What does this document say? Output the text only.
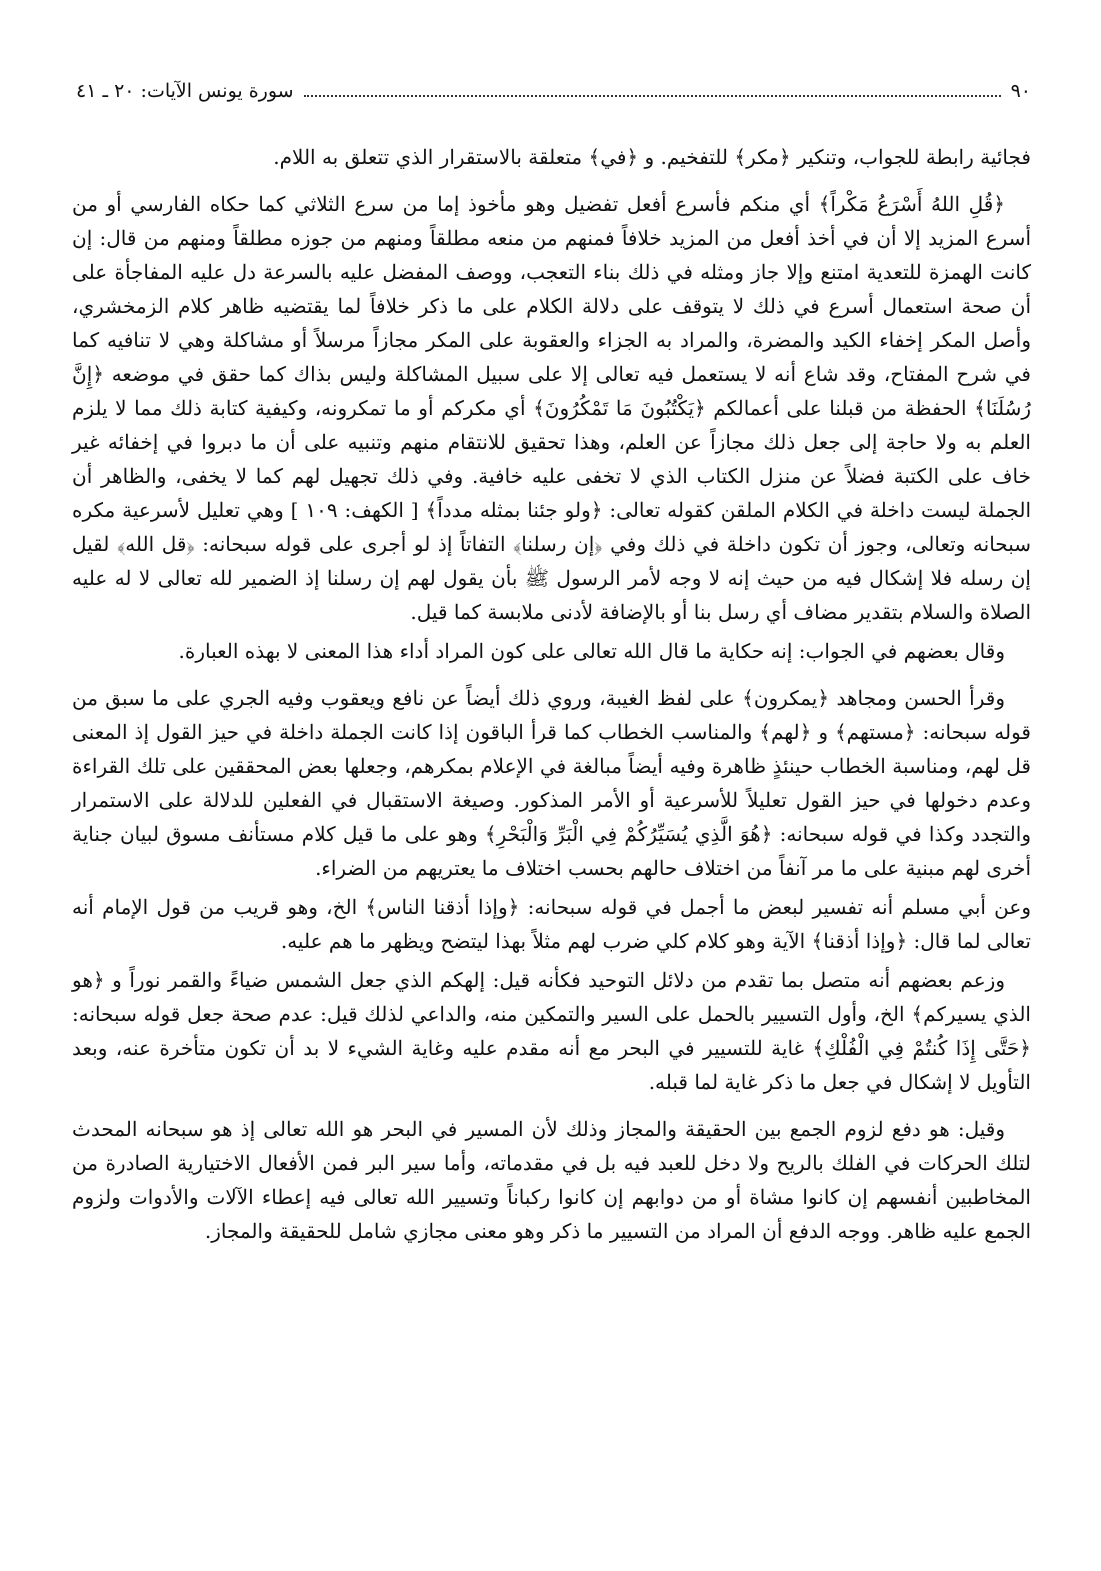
٩٠
سورة يونس الآيات: ٢٠ ـ ٤١

فجائية رابطة للجواب، وتنكير ﴿مكر﴾ للتفخيم. و ﴿في﴾ متعلقة بالاستقرار الذي تتعلق به اللام.

﴿قُلِ اللهُ أَسْرَعُ مَكْراً﴾ أي منكم فأسرع أفعل تفضيل وهو مأخوذ إما من سرع الثلاثي كما حكاه الفارسي أو من أسرع المزيد إلا أن في أخذ أفعل من المزيد خلافاً فمنهم من منعه مطلقاً ومنهم من جوزه مطلقاً ومنهم من قال: إن كانت الهمزة للتعدية امتنع وإلا جاز ومثله في ذلك بناء التعجب، ووصف المفضل عليه بالسرعة دل عليه المفاجأة على أن صحة استعمال أسرع في ذلك لا يتوقف على دلالة الكلام على ما ذكر خلافاً لما يقتضيه ظاهر كلام الزمخشري، وأصل المكر إخفاء الكيد والمضرة، والمراد به الجزاء والعقوبة على المكر مجازاً مرسلاً أو مشاكلة وهي لا تنافيه كما في شرح المفتاح، وقد شاع أنه لا يستعمل فيه تعالى إلا على سبيل المشاكلة وليس بذاك كما حقق في موضعه ﴿إِنَّ رُسُلَنَا﴾ الحفظة من قبلنا على أعمالكم ﴿يَكْتُبُونَ مَا تَمْكُرُونَ﴾ أي مكركم أو ما تمكرونه، وكيفية كتابة ذلك مما لا يلزم العلم به ولا حاجة إلى جعل ذلك مجازاً عن العلم، وهذا تحقيق للانتقام منهم وتنبيه على أن ما دبروا في إخفائه غير خاف على الكتبة فضلاً عن منزل الكتاب الذي لا تخفى عليه خافية. وفي ذلك تجهيل لهم كما لا يخفى، والظاهر أن الجملة ليست داخلة في الكلام الملقن كقوله تعالى: ﴿ولو جئنا بمثله مدداً﴾ [ الكهف: ١٠٩ ] وهي تعليل لأسرعية مكره سبحانه وتعالى، وجوز أن تكون داخلة في ذلك وفي ﴿إن رسلنا﴾ التفاتاً إذ لو أجرى على قوله سبحانه: ﴿قل الله﴾ لقيل إن رسله فلا إشكال فيه من حيث إنه لا وجه لأمر الرسول ﷺ بأن يقول لهم إن رسلنا إذ الضمير لله تعالى لا له عليه الصلاة والسلام بتقدير مضاف أي رسل بنا أو بالإضافة لأدنى ملابسة كما قيل.

وقال بعضهم في الجواب: إنه حكاية ما قال الله تعالى على كون المراد أداء هذا المعنى لا بهذه العبارة.

وقرأ الحسن ومجاهد ﴿يمكرون﴾ على لفظ الغيبة، وروي ذلك أيضاً عن نافع ويعقوب وفيه الجري على ما سبق من قوله سبحانه: ﴿مستهم﴾ و ﴿لهم﴾ والمناسب الخطاب كما قرأ الباقون إذا كانت الجملة داخلة في حيز القول إذ المعنى قل لهم، ومناسبة الخطاب حينئذٍ ظاهرة وفيه أيضاً مبالغة في الإعلام بمكرهم، وجعلها بعض المحققين على تلك القراءة وعدم دخولها في حيز القول تعليلاً للأسرعية أو الأمر المذكور. وصيغة الاستقبال في الفعلين للدلالة على الاستمرار والتجدد وكذا في قوله سبحانه: ﴿هُوَ الَّذِي يُسَيِّرُكُمْ فِي الْبَرِّ وَالْبَحْرِ﴾ وهو على ما قيل كلام مستأنف مسوق لبيان جناية أخرى لهم مبنية على ما مر آنفاً من اختلاف حالهم بحسب اختلاف ما يعتريهم من الضراء.

وعن أبي مسلم أنه تفسير لبعض ما أجمل في قوله سبحانه: ﴿وإذا أذقنا الناس﴾ الخ، وهو قريب من قول الإمام أنه تعالى لما قال: ﴿وإذا أذقنا﴾ الآية وهو كلام كلي ضرب لهم مثلاً بهذا ليتضح ويظهر ما هم عليه.

وزعم بعضهم أنه متصل بما تقدم من دلائل التوحيد فكأنه قيل: إلهكم الذي جعل الشمس ضياءً والقمر نوراً و ﴿هو الذي يسيركم﴾ الخ، وأول التسيير بالحمل على السير والتمكين منه، والداعي لذلك قيل: عدم صحة جعل قوله سبحانه: ﴿حَتَّى إِذَا كُنتُمْ فِي الْفُلْكِ﴾ غاية للتسيير في البحر مع أنه مقدم عليه وغاية الشيء لا بد أن تكون متأخرة عنه، وبعد التأويل لا إشكال في جعل ما ذكر غاية لما قبله.

وقيل: هو دفع لزوم الجمع بين الحقيقة والمجاز وذلك لأن المسير في البحر هو الله تعالى إذ هو سبحانه المحدث لتلك الحركات في الفلك بالريح ولا دخل للعبد فيه بل في مقدماته، وأما سير البر فمن الأفعال الاختيارية الصادرة من المخاطبين أنفسهم إن كانوا مشاة أو من دوابهم إن كانوا ركباناً وتسيير الله تعالى فيه إعطاء الآلات والأدوات ولزوم الجمع عليه ظاهر. ووجه الدفع أن المراد من التسيير ما ذكر وهو معنى مجازي شامل للحقيقة والمجاز.
